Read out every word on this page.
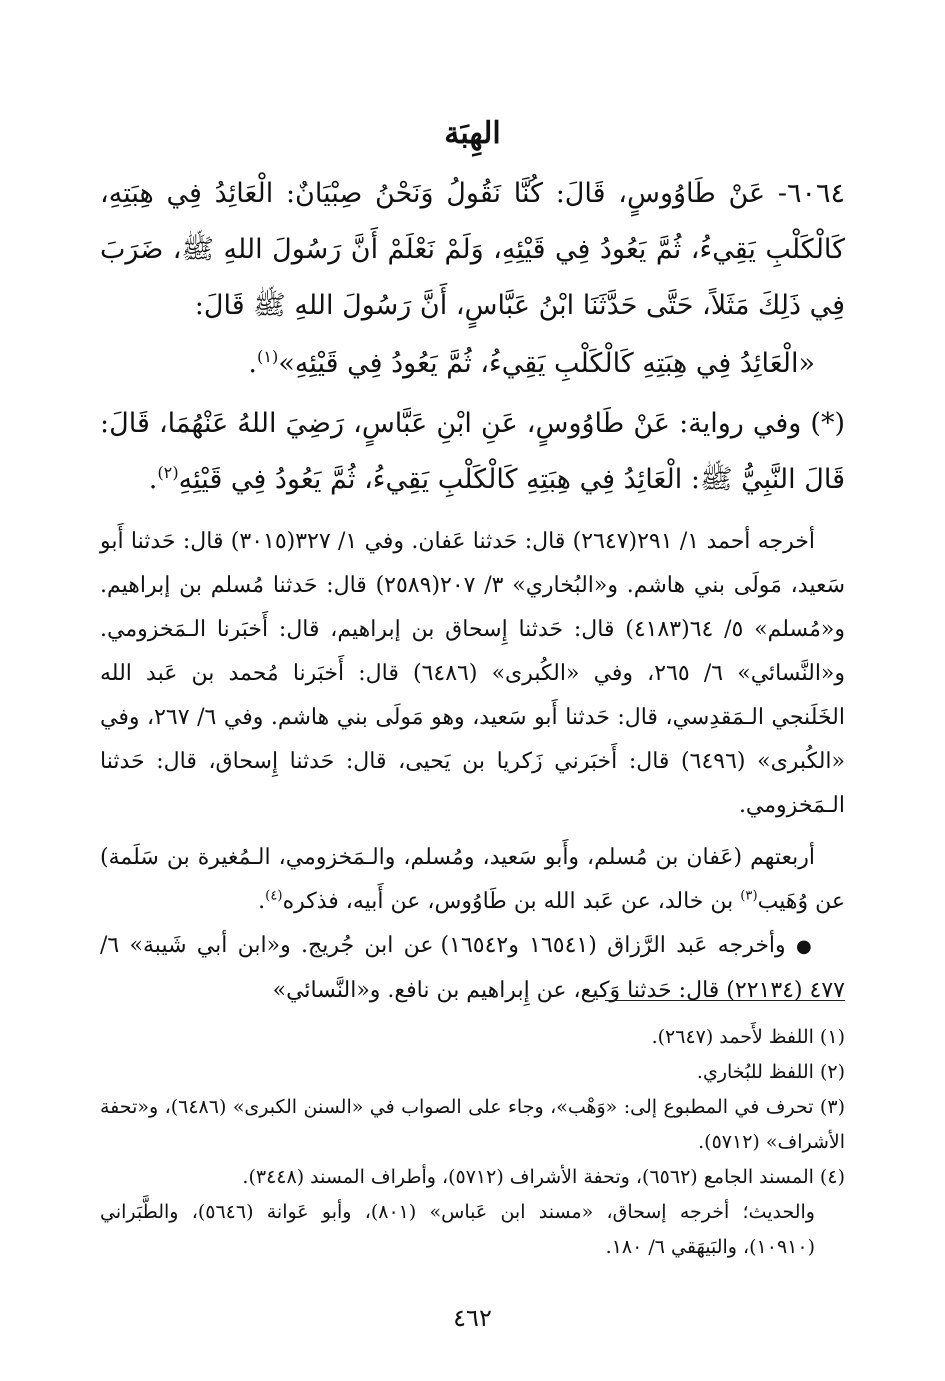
الهِبَة

٦٠٦٤- عَنْ طَاوُوسٍ، قَالَ: كُنَّا نَقُولُ وَنَحْنُ صِبْيَانٌ: الْعَائِدُ فِي هِبَتِهِ، كَالْكَلْبِ يَقِيءُ، ثُمَّ يَعُودُ فِي قَيْئِهِ، وَلَمْ نَعْلَمْ أَنَّ رَسُولَ اللهِ ﷺ، ضَرَبَ فِي ذَلِكَ مَثَلاً، حَتَّى حَدَّثَنَا ابْنُ عَبَّاسٍ، أَنَّ رَسُولَ اللهِ ﷺ قَالَ:

«الْعَائِدُ فِي هِبَتِهِ كَالْكَلْبِ يَقِيءُ، ثُمَّ يَعُودُ فِي قَيْئِهِ»$^{(١)}$.

(*) وفي رواية: عَنْ طَاوُوسٍ، عَنِ ابْنِ عَبَّاسٍ، رَضِيَ اللهُ عَنْهُمَا، قَالَ: قَالَ النَّبِيُّ ﷺ: الْعَائِدُ فِي هِبَتِهِ كَالْكَلْبِ يَقِيءُ، ثُمَّ يَعُودُ فِي قَيْئِهِ$^{(٢)}$.

أخرجه أحمد ١/ ٢٩١(٢٦٤٧) قال: حَدثنا عَفان. وفي ١/ ٣٢٧(٣٠١٥) قال: حَدثنا أَبو سَعيد، مَولَى بني هاشم. و«البُخاري» ٣/ ٢٠٧(٢٥٨٩) قال: حَدثنا مُسلم بن إبراهيم. و«مُسلم» ٥/ ٦٤(٤١٨٣) قال: حَدثنا إِسحاق بن إبراهيم، قال: أَخبَرنا الـمَخزومي. و«النَّسائي» ٦/ ٢٦٥، وفي «الكُبرى» (٦٤٨٦) قال: أَخبَرنا مُحمد بن عَبد الله الخَلَنجي الـمَقدِسي، قال: حَدثنا أَبو سَعيد، وهو مَولَى بني هاشم. وفي ٦/ ٢٦٧، وفي «الكُبرى» (٦٤٩٦) قال: أَخبَرني زَكريا بن يَحيى، قال: حَدثنا إِسحاق، قال: حَدثنا الـمَخزومي.

أربعتهم (عَفان بن مُسلم، وأَبو سَعيد، ومُسلم، والـمَخزومي، الـمُغيرة بن سَلَمة) عن وُهَيب$^{(٣)}$ بن خالد، عن عَبد الله بن طَاوُوس، عن أَبيه، فذكره$^{(٤)}$.

● وأخرجه عَبد الرَّزاق (١٦٥٤١ و١٦٥٤٢) عن ابن جُريج. و«ابن أبي شَيبة» ٦/ ٤٧٧ (٢٢١٣٤) قال: حَدثنا وَكيع، عن إِبراهيم بن نافع. و«النَّسائي»

(١) اللفظ لأَحمد (٢٦٤٧).

(٢) اللفظ للبُخاري.

(٣) تحرف في المطبوع إلى: «وَهْب»، وجاء على الصواب في «السنن الكبرى» (٦٤٨٦)، و«تحفة الأشراف» (٥٧١٢).

(٤) المسند الجامع (٦٥٦٢)، وتحفة الأشراف (٥٧١٢)، وأطراف المسند (٣٤٤٨).

والحديث؛ أخرجه إسحاق، «مسند ابن عَباس» (٨٠١)، وأبو عَوانة (٥٦٤٦)، والطَّبَراني (١٠٩١٠)، والبَيهَقي ٦/ ١٨٠.

٤٦٢
